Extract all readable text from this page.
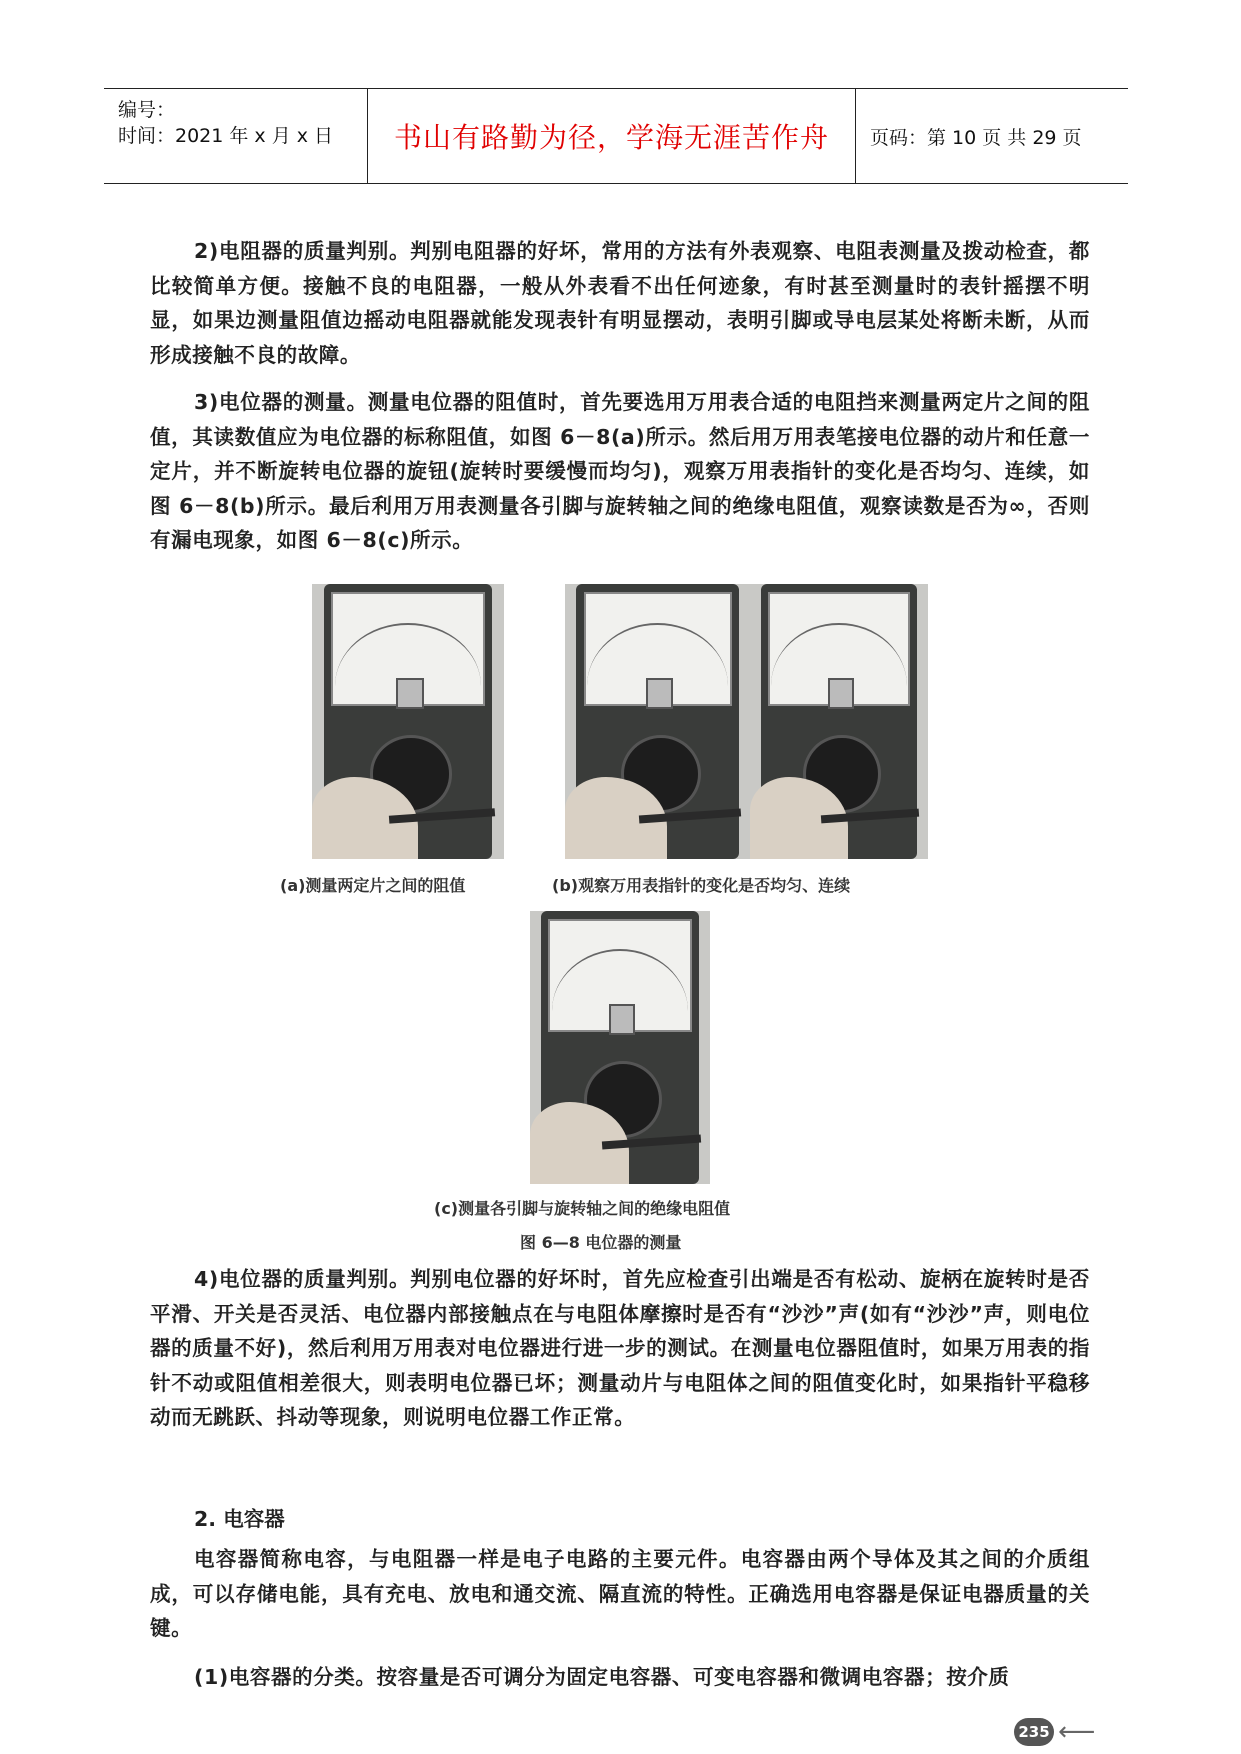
编号：
时间：2021 年 x 月 x 日 书山有路勤为径，学海无涯苦作舟 页码：第 10 页 共 29 页

2)电阻器的质量判别。判别电阻器的好坏，常用的方法有外表观察、电阻表测量及拨动检查，都比较简单方便。接触不良的电阻器，一般从外表看不出任何迹象，有时甚至测量时的表针摇摆不明显，如果边测量阻值边摇动电阻器就能发现表针有明显摆动，表明引脚或导电层某处将断未断，从而形成接触不良的故障。

3)电位器的测量。测量电位器的阻值时，首先要选用万用表合适的电阻挡来测量两定片之间的阻值，其读数值应为电位器的标称阻值，如图 6－8(a)所示。然后用万用表笔接电位器的动片和任意一定片，并不断旋转电位器的旋钮(旋转时要缓慢而均匀)，观察万用表指针的变化是否均匀、连续，如图 6－8(b)所示。最后利用万用表测量各引脚与旋转轴之间的绝缘电阻值，观察读数是否为∞，否则有漏电现象，如图 6－8(c)所示。

(a)测量两定片之间的阻值	(b)观察万用表指针的变化是否均匀、连续

(c)测量各引脚与旋转轴之间的绝缘电阻值

图 6—8 电位器的测量

4)电位器的质量判别。判别电位器的好坏时，首先应检查引出端是否有松动、旋柄在旋转时是否平滑、开关是否灵活、电位器内部接触点在与电阻体摩擦时是否有“沙沙”声(如有“沙沙”声，则电位器的质量不好)，然后利用万用表对电位器进行进一步的测试。在测量电位器阻值时，如果万用表的指针不动或阻值相差很大，则表明电位器已坏；测量动片与电阻体之间的阻值变化时，如果指针平稳移动而无跳跃、抖动等现象，则说明电位器工作正常。

2. 电容器

电容器简称电容，与电阻器一样是电子电路的主要元件。电容器由两个导体及其之间的介质组成，可以存储电能，具有充电、放电和通交流、隔直流的特性。正确选用电容器是保证电器质量的关键。

(1)电容器的分类。按容量是否可调分为固定电容器、可变电容器和微调电容器；按介质

235 ⟵
